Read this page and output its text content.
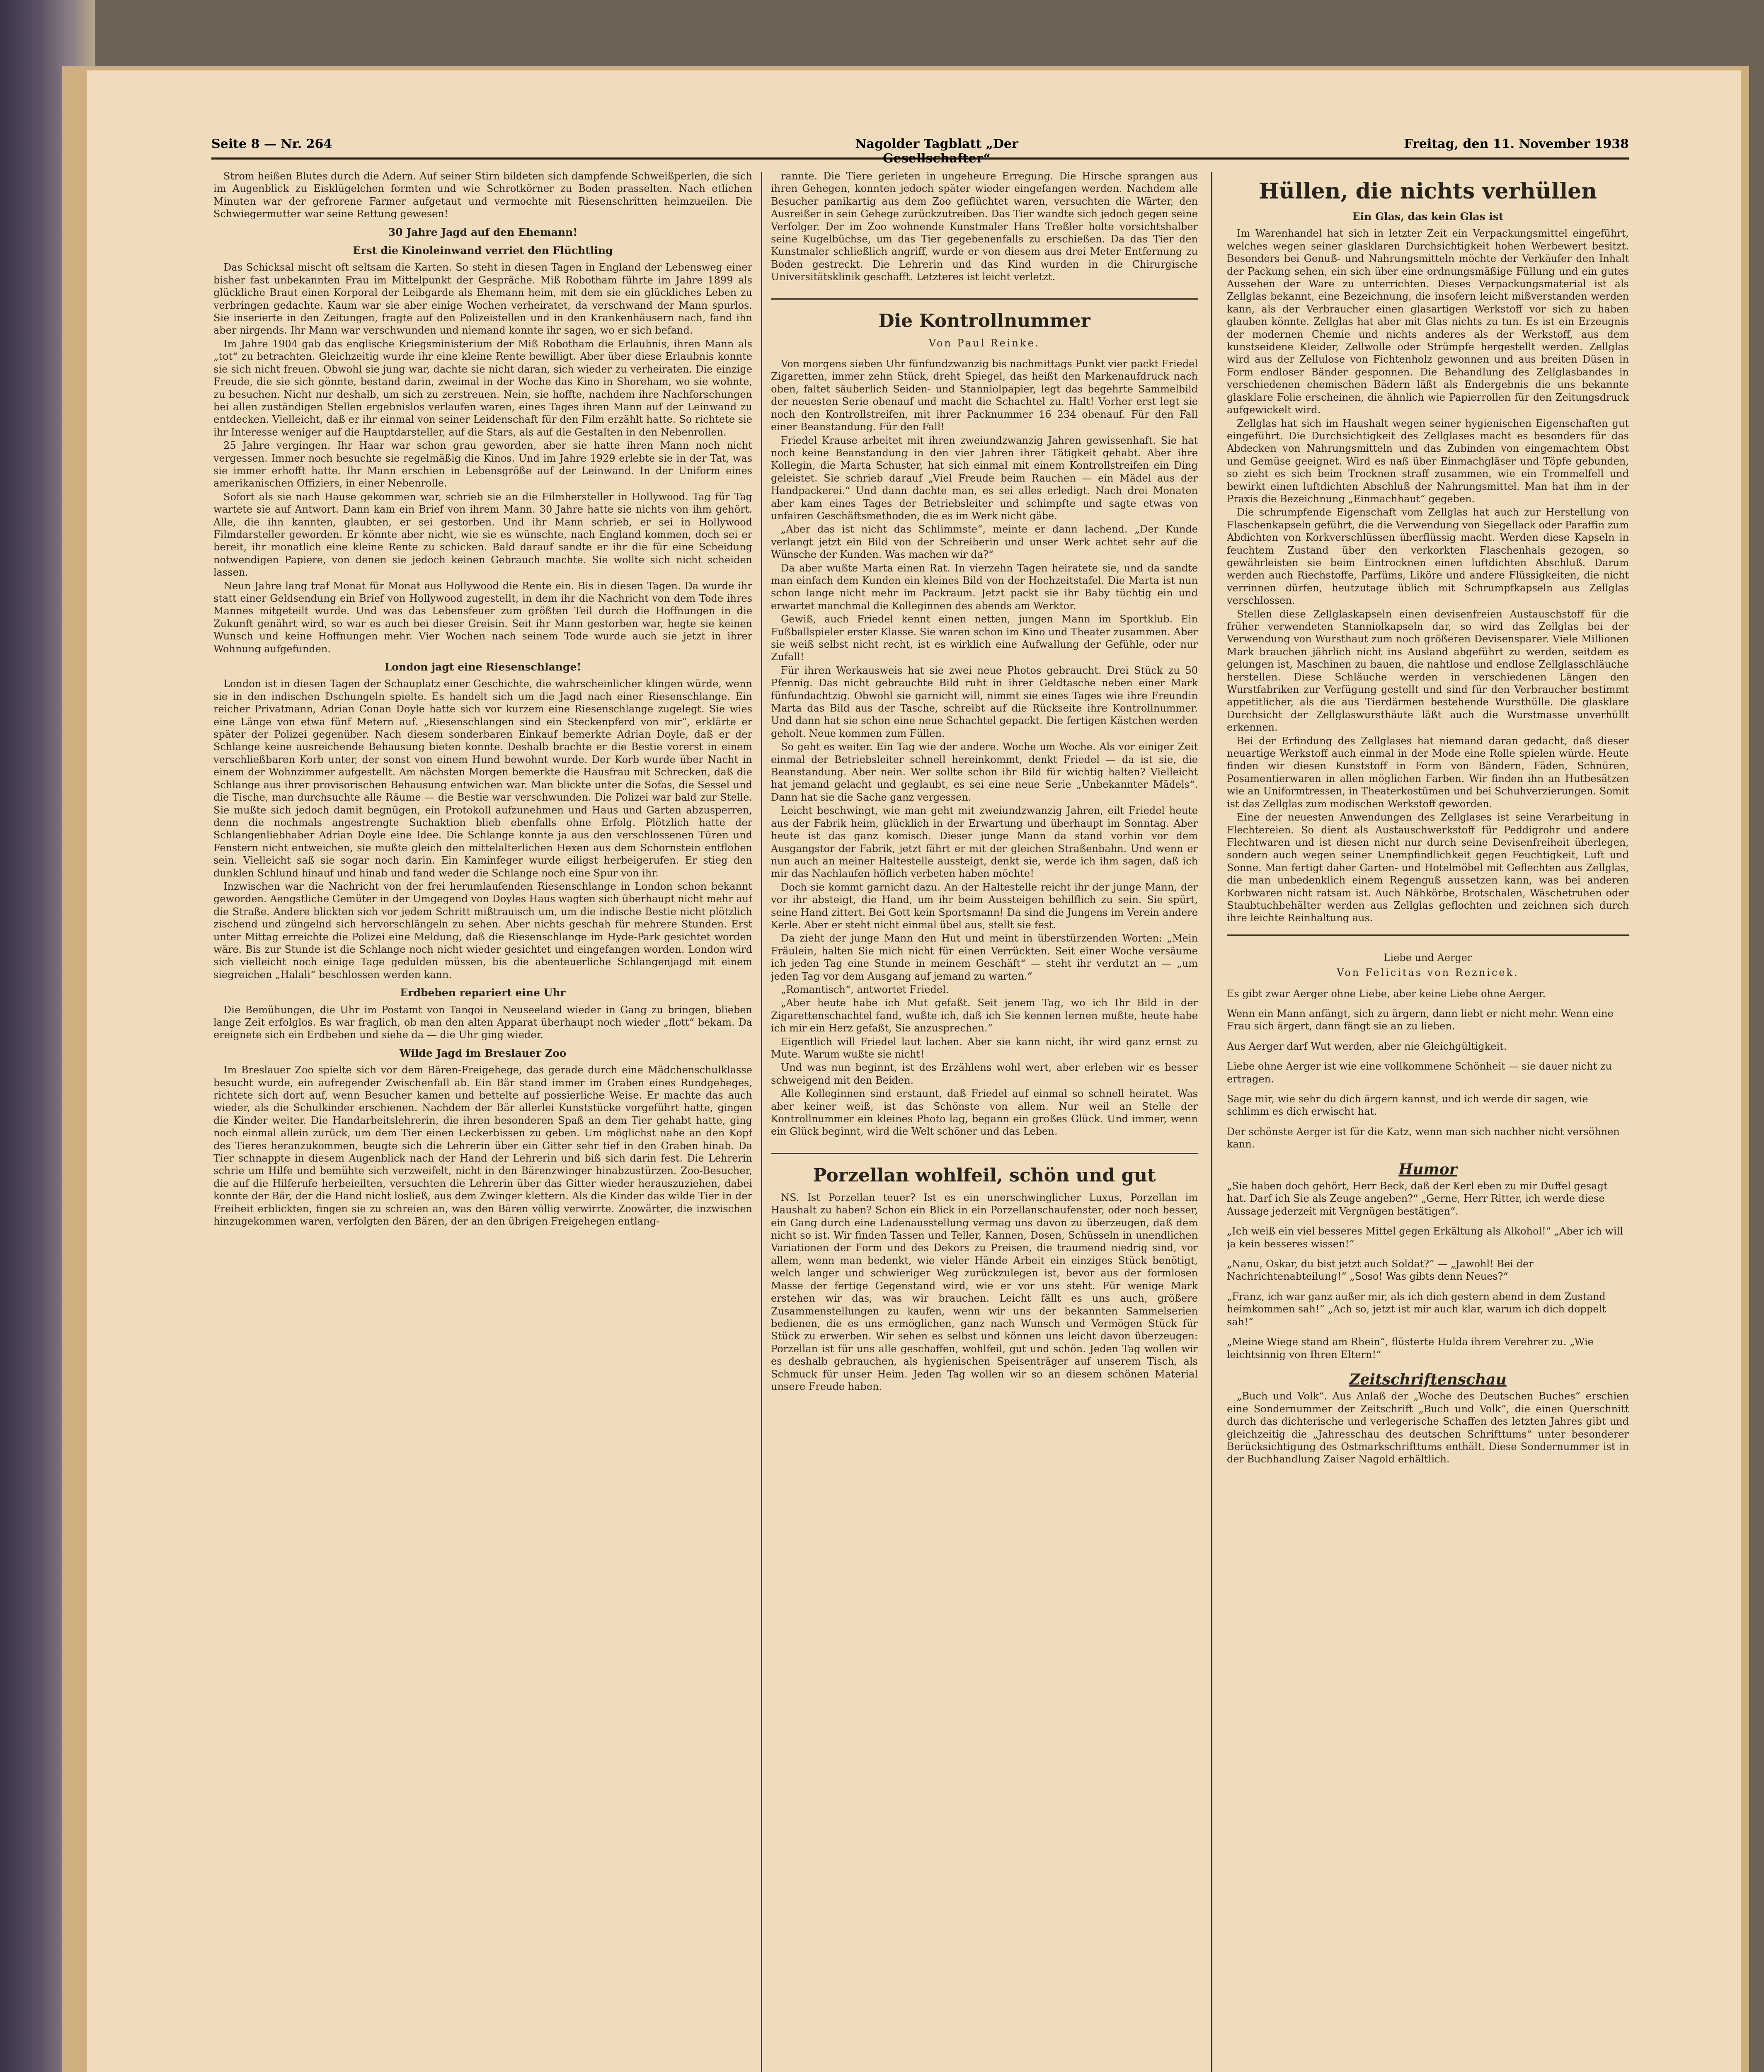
Seite 8 — Nr. 264	Nagolder Tagblatt „Der Gesellschafter“
Freitag, den 11. November 1938

Strom heißen Blutes durch die Adern. Auf seiner Stirn bildeten sich dampfende Schweißperlen, die sich im Augenblick zu Eisklügelchen formten und wie Schrotkörner zu Boden prasselten. Nach etlichen Minuten war der gefrorene Farmer aufgetaut und vermochte mit Riesenschritten heimzueilen. Die Schwiegermutter war seine Rettung gewesen!

30 Jahre Jagd auf den Ehemann!
Erst die Kinoleinwand verriet den Flüchtling

Das Schicksal mischt oft seltsam die Karten. So steht in diesen Tagen in England der Lebensweg einer bisher fast unbekannten Frau im Mittelpunkt der Gespräche. Miß Robotham führte im Jahre 1899 als glückliche Braut einen Korporal der Leibgarde als Ehemann heim, mit dem sie ein glückliches Leben zu verbringen gedachte. Kaum war sie aber einige Wochen verheiratet, da verschwand der Mann spurlos. Sie inserierte in den Zeitungen, fragte auf den Polizeistellen und in den Krankenhäusern nach, fand ihn aber nirgends. Ihr Mann war verschwunden und niemand konnte ihr sagen, wo er sich befand.

Im Jahre 1904 gab das englische Kriegsministerium der Miß Robotham die Erlaubnis, ihren Mann als „tot“ zu betrachten. Gleichzeitig wurde ihr eine kleine Rente bewilligt. Aber über diese Erlaubnis konnte sie sich nicht freuen. Obwohl sie jung war, dachte sie nicht daran, sich wieder zu verheiraten. Die einzige Freude, die sie sich gönnte, bestand darin, zweimal in der Woche das Kino in Shoreham, wo sie wohnte, zu besuchen. Nicht nur deshalb, um sich zu zerstreuen. Nein, sie hoffte, nachdem ihre Nachforschungen bei allen zuständigen Stellen ergebnislos verlaufen waren, eines Tages ihren Mann auf der Leinwand zu entdecken. Vielleicht, daß er ihr einmal von seiner Leidenschaft für den Film erzählt hatte. So richtete sie ihr Interesse weniger auf die Hauptdarsteller, auf die Stars, als auf die Gestalten in den Nebenrollen.

25 Jahre vergingen. Ihr Haar war schon grau geworden, aber sie hatte ihren Mann noch nicht vergessen. Immer noch besuchte sie regelmäßig die Kinos. Und im Jahre 1929 erlebte sie in der Tat, was sie immer erhofft hatte. Ihr Mann erschien in Lebensgröße auf der Leinwand. In der Uniform eines amerikanischen Offiziers, in einer Nebenrolle.

Sofort als sie nach Hause gekommen war, schrieb sie an die Filmhersteller in Hollywood. Tag für Tag wartete sie auf Antwort. Dann kam ein Brief von ihrem Mann. 30 Jahre hatte sie nichts von ihm gehört. Alle, die ihn kannten, glaubten, er sei gestorben. Und ihr Mann schrieb, er sei in Hollywood Filmdarsteller geworden. Er könnte aber nicht, wie sie es wünschte, nach England kommen, doch sei er bereit, ihr monatlich eine kleine Rente zu schicken. Bald darauf sandte er ihr die für eine Scheidung notwendigen Papiere, von denen sie jedoch keinen Gebrauch machte. Sie wollte sich nicht scheiden lassen.

Neun Jahre lang traf Monat für Monat aus Hollywood die Rente ein. Bis in diesen Tagen. Da wurde ihr statt einer Geldsendung ein Brief von Hollywood zugestellt, in dem ihr die Nachricht von dem Tode ihres Mannes mitgeteilt wurde. Und was das Lebensfeuer zum größten Teil durch die Hoffnungen in die Zukunft genährt wird, so war es auch bei dieser Greisin. Seit ihr Mann gestorben war, hegte sie keinen Wunsch und keine Hoffnungen mehr. Vier Wochen nach seinem Tode wurde auch sie jetzt in ihrer Wohnung aufgefunden.

London jagt eine Riesenschlange!

London ist in diesen Tagen der Schauplatz einer Geschichte, die wahrscheinlicher klingen würde, wenn sie in den indischen Dschungeln spielte. Es handelt sich um die Jagd nach einer Riesenschlange. Ein reicher Privatmann, Adrian Conan Doyle hatte sich vor kurzem eine Riesenschlange zugelegt. Sie wies eine Länge von etwa fünf Metern auf. „Riesenschlangen sind ein Steckenpferd von mir“, erklärte er später der Polizei gegenüber. Nach diesem sonderbaren Einkauf bemerkte Adrian Doyle, daß er der Schlange keine ausreichende Behausung bieten konnte. Deshalb brachte er die Bestie vorerst in einem verschließbaren Korb unter, der sonst von einem Hund bewohnt wurde. Der Korb wurde über Nacht in einem der Wohnzimmer aufgestellt. Am nächsten Morgen bemerkte die Hausfrau mit Schrecken, daß die Schlange aus ihrer provisorischen Behausung entwichen war. Man blickte unter die Sofas, die Sessel und die Tische, man durchsuchte alle Räume — die Bestie war verschwunden. Die Polizei war bald zur Stelle. Sie mußte sich jedoch damit begnügen, ein Protokoll aufzunehmen und Haus und Garten abzusperren, denn die nochmals angestrengte Suchaktion blieb ebenfalls ohne Erfolg. Plötzlich hatte der Schlangenliebhaber Adrian Doyle eine Idee. Die Schlange konnte ja aus den verschlossenen Türen und Fenstern nicht entweichen, sie mußte gleich den mittelalterlichen Hexen aus dem Schornstein entflohen sein. Vielleicht saß sie sogar noch darin. Ein Kaminfeger wurde eiligst herbeigerufen. Er stieg den dunklen Schlund hinauf und hinab und fand weder die Schlange noch eine Spur von ihr.

Inzwischen war die Nachricht von der frei herumlaufenden Riesenschlange in London schon bekannt geworden. Aengstliche Gemüter in der Umgegend von Doyles Haus wagten sich überhaupt nicht mehr auf die Straße. Andere blickten sich vor jedem Schritt mißtrauisch um, um die indische Bestie nicht plötzlich zischend und züngelnd sich hervorschlängeln zu sehen. Aber nichts geschah für mehrere Stunden. Erst unter Mittag erreichte die Polizei eine Meldung, daß die Riesenschlange im Hyde-Park gesichtet worden wäre. Bis zur Stunde ist die Schlange noch nicht wieder gesichtet und eingefangen worden. London wird sich vielleicht noch einige Tage gedulden müssen, bis die abenteuerliche Schlangenjagd mit einem siegreichen „Halali“ beschlossen werden kann.

Erdbeben repariert eine Uhr

Die Bemühungen, die Uhr im Postamt von Tangoi in Neuseeland wieder in Gang zu bringen, blieben lange Zeit erfolglos. Es war fraglich, ob man den alten Apparat überhaupt noch wieder „flott“ bekam. Da ereignete sich ein Erdbeben und siehe da — die Uhr ging wieder.

Wilde Jagd im Breslauer Zoo

Im Breslauer Zoo spielte sich vor dem Bären-Freigehege, das gerade durch eine Mädchenschulklasse besucht wurde, ein aufregender Zwischenfall ab. Ein Bär stand immer im Graben eines Rundgeheges, richtete sich dort auf, wenn Besucher kamen und bettelte auf possierliche Weise. Er machte das auch wieder, als die Schulkinder erschienen. Nachdem der Bär allerlei Kunststücke vorgeführt hatte, gingen die Kinder weiter. Die Handarbeitslehrerin, die ihren besonderen Spaß an dem Tier gehabt hatte, ging noch einmal allein zurück, um dem Tier einen Leckerbissen zu geben. Um möglichst nahe an den Kopf des Tieres heranzukommen, beugte sich die Lehrerin über ein Gitter sehr tief in den Graben hinab. Da Tier schnappte in diesem Augenblick nach der Hand der Lehrerin und biß sich darin fest. Die Lehrerin schrie um Hilfe und bemühte sich verzweifelt, nicht in den Bärenzwinger hinabzustürzen. Zoo-Besucher, die auf die Hilferufe herbeieilten, versuchten die Lehrerin über das Gitter wieder herauszuziehen, dabei konnte der Bär, der die Hand nicht losließ, aus dem Zwinger klettern. Als die Kinder das wilde Tier in der Freiheit erblickten, fingen sie zu schreien an, was den Bären völlig verwirrte. Zoowärter, die inzwischen hinzugekommen waren, verfolgten den Bären, der an den übrigen Freigehegen entlang-

rannte. Die Tiere gerieten in ungeheure Erregung. Die Hirsche sprangen aus ihren Gehegen, konnten jedoch später wieder eingefangen werden. Nachdem alle Besucher panikartig aus dem Zoo geflüchtet waren, versuchten die Wärter, den Ausreißer in sein Gehege zurückzutreiben. Das Tier wandte sich jedoch gegen seine Verfolger. Der im Zoo wohnende Kunstmaler Hans Treßler holte vorsichtshalber seine Kugelbüchse, um das Tier gegebenenfalls zu erschießen. Da das Tier den Kunstmaler schließlich angriff, wurde er von diesem aus drei Meter Entfernung zu Boden gestreckt. Die Lehrerin und das Kind wurden in die Chirurgische Universitätsklinik geschafft. Letzteres ist leicht verletzt.

Die Kontrollnummer
Von Paul Reinke.

Von morgens sieben Uhr fünfundzwanzig bis nachmittags Punkt vier packt Friedel Zigaretten, immer zehn Stück, dreht Spiegel, das heißt den Markenaufdruck nach oben, faltet säuberlich Seiden- und Stanniolpapier, legt das begehrte Sammelbild der neuesten Serie obenauf und macht die Schachtel zu. Halt! Vorher erst legt sie noch den Kontrollstreifen, mit ihrer Packnummer 16 234 obenauf. Für den Fall einer Beanstandung. Für den Fall!

Friedel Krause arbeitet mit ihren zweiundzwanzig Jahren gewissenhaft. Sie hat noch keine Beanstandung in den vier Jahren ihrer Tätigkeit gehabt. Aber ihre Kollegin, die Marta Schuster, hat sich einmal mit einem Kontrollstreifen ein Ding geleistet. Sie schrieb darauf „Viel Freude beim Rauchen — ein Mädel aus der Handpackerei.“ Und dann dachte man, es sei alles erledigt. Nach drei Monaten aber kam eines Tages der Betriebsleiter und schimpfte und sagte etwas von unfairen Geschäftsmethoden, die es im Werk nicht gäbe.

„Aber das ist nicht das Schlimmste“, meinte er dann lachend. „Der Kunde verlangt jetzt ein Bild von der Schreiberin und unser Werk achtet sehr auf die Wünsche der Kunden. Was machen wir da?“

Da aber wußte Marta einen Rat. In vierzehn Tagen heiratete sie, und da sandte man einfach dem Kunden ein kleines Bild von der Hochzeitstafel. Die Marta ist nun schon lange nicht mehr im Packraum. Jetzt packt sie ihr Baby tüchtig ein und erwartet manchmal die Kolleginnen des abends am Werktor.

Gewiß, auch Friedel kennt einen netten, jungen Mann im Sportklub. Ein Fußballspieler erster Klasse. Sie waren schon im Kino und Theater zusammen. Aber sie weiß selbst nicht recht, ist es wirklich eine Aufwallung der Gefühle, oder nur Zufall!

Für ihren Werkausweis hat sie zwei neue Photos gebraucht. Drei Stück zu 50 Pfennig. Das nicht gebrauchte Bild ruht in ihrer Geldtasche neben einer Mark fünfundachtzig. Obwohl sie garnicht will, nimmt sie eines Tages wie ihre Freundin Marta das Bild aus der Tasche, schreibt auf die Rückseite ihre Kontrollnummer. Und dann hat sie schon eine neue Schachtel gepackt. Die fertigen Kästchen werden geholt. Neue kommen zum Füllen.

So geht es weiter. Ein Tag wie der andere. Woche um Woche. Als vor einiger Zeit einmal der Betriebsleiter schnell hereinkommt, denkt Friedel — da ist sie, die Beanstandung. Aber nein. Wer sollte schon ihr Bild für wichtig halten? Vielleicht hat jemand gelacht und geglaubt, es sei eine neue Serie „Unbekannter Mädels“. Dann hat sie die Sache ganz vergessen.

Leicht beschwingt, wie man geht mit zweiundzwanzig Jahren, eilt Friedel heute aus der Fabrik heim, glücklich in der Erwartung und überhaupt im Sonntag. Aber heute ist das ganz komisch. Dieser junge Mann da stand vorhin vor dem Ausgangstor der Fabrik, jetzt fährt er mit der gleichen Straßenbahn. Und wenn er nun auch an meiner Haltestelle aussteigt, denkt sie, werde ich ihm sagen, daß ich mir das Nachlaufen höflich verbeten haben möchte!

Doch sie kommt garnicht dazu. An der Haltestelle reicht ihr der junge Mann, der vor ihr absteigt, die Hand, um ihr beim Aussteigen behilflich zu sein. Sie spürt, seine Hand zittert. Bei Gott kein Sportsmann! Da sind die Jungens im Verein andere Kerle. Aber er steht nicht einmal übel aus, stellt sie fest.

Da zieht der junge Mann den Hut und meint in überstürzenden Worten: „Mein Fräulein, halten Sie mich nicht für einen Verrückten. Seit einer Woche versäume ich jeden Tag eine Stunde in meinem Geschäft“ — steht ihr verdutzt an — „um jeden Tag vor dem Ausgang auf jemand zu warten.“

„Romantisch“, antwortet Friedel.

„Aber heute habe ich Mut gefaßt. Seit jenem Tag, wo ich Ihr Bild in der Zigarettenschachtel fand, wußte ich, daß ich Sie kennen lernen mußte, heute habe ich mir ein Herz gefaßt, Sie anzusprechen.“

Eigentlich will Friedel laut lachen. Aber sie kann nicht, ihr wird ganz ernst zu Mute. Warum wußte sie nicht!

Und was nun beginnt, ist des Erzählens wohl wert, aber erleben wir es besser schweigend mit den Beiden.

Alle Kolleginnen sind erstaunt, daß Friedel auf einmal so schnell heiratet. Was aber keiner weiß, ist das Schönste von allem. Nur weil an Stelle der Kontrollnummer ein kleines Photo lag, begann ein großes Glück. Und immer, wenn ein Glück beginnt, wird die Welt schöner und das Leben.

Porzellan wohlfeil, schön und gut

NS. Ist Porzellan teuer? Ist es ein unerschwinglicher Luxus, Porzellan im Haushalt zu haben? Schon ein Blick in ein Porzellanschaufenster, oder noch besser, ein Gang durch eine Ladenausstellung vermag uns davon zu überzeugen, daß dem nicht so ist. Wir finden Tassen und Teller, Kannen, Dosen, Schüsseln in unendlichen Variationen der Form und des Dekors zu Preisen, die traumend niedrig sind, vor allem, wenn man bedenkt, wie vieler Hände Arbeit ein einziges Stück benötigt, welch langer und schwieriger Weg zurückzulegen ist, bevor aus der formlosen Masse der fertige Gegenstand wird, wie er vor uns steht. Für wenige Mark erstehen wir das, was wir brauchen. Leicht fällt es uns auch, größere Zusammenstellungen zu kaufen, wenn wir uns der bekannten Sammelserien bedienen, die es uns ermöglichen, ganz nach Wunsch und Vermögen Stück für Stück zu erwerben. Wir sehen es selbst und können uns leicht davon überzeugen: Porzellan ist für uns alle geschaffen, wohlfeil, gut und schön. Jeden Tag wollen wir es deshalb gebrauchen, als hygienischen Speisenträger auf unserem Tisch, als Schmuck für unser Heim. Jeden Tag wollen wir so an diesem schönen Material unsere Freude haben.

Hüllen, die nichts verhüllen
Ein Glas, das kein Glas ist

Im Warenhandel hat sich in letzter Zeit ein Verpackungsmittel eingeführt, welches wegen seiner glasklaren Durchsichtigkeit hohen Werbewert besitzt. Besonders bei Genuß- und Nahrungsmitteln möchte der Verkäufer den Inhalt der Packung sehen, ein sich über eine ordnungsmäßige Füllung und ein gutes Aussehen der Ware zu unterrichten. Dieses Verpackungsmaterial ist als Zellglas bekannt, eine Bezeichnung, die insofern leicht mißverstanden werden kann, als der Verbraucher einen glasartigen Werkstoff vor sich zu haben glauben könnte. Zellglas hat aber mit Glas nichts zu tun. Es ist ein Erzeugnis der modernen Chemie und nichts anderes als der Werkstoff, aus dem kunstseidene Kleider, Zellwolle oder Strümpfe hergestellt werden. Zellglas wird aus der Zellulose von Fichtenholz gewonnen und aus breiten Düsen in Form endloser Bänder gesponnen. Die Behandlung des Zellglasbandes in verschiedenen chemischen Bädern läßt als Endergebnis die uns bekannte glasklare Folie erscheinen, die ähnlich wie Papierrollen für den Zeitungsdruck aufgewickelt wird.

Zellglas hat sich im Haushalt wegen seiner hygienischen Eigenschaften gut eingeführt. Die Durchsichtigkeit des Zellglases macht es besonders für das Abdecken von Nahrungsmitteln und das Zubinden von eingemachtem Obst und Gemüse geeignet. Wird es naß über Einmachgläser und Töpfe gebunden, so zieht es sich beim Trocknen straff zusammen, wie ein Trommelfell und bewirkt einen luftdichten Abschluß der Nahrungsmittel. Man hat ihm in der Praxis die Bezeichnung „Einmachhaut“ gegeben.

Die schrumpfende Eigenschaft vom Zellglas hat auch zur Herstellung von Flaschenkapseln geführt, die die Verwendung von Siegellack oder Paraffin zum Abdichten von Korkverschlüssen überflüssig macht. Werden diese Kapseln in feuchtem Zustand über den verkorkten Flaschenhals gezogen, so gewährleisten sie beim Eintrocknen einen luftdichten Abschluß. Darum werden auch Riechstoffe, Parfüms, Liköre und andere Flüssigkeiten, die nicht verrinnen dürfen, heutzutage üblich mit Schrumpfkapseln aus Zellglas verschlossen.

Stellen diese Zellglaskapseln einen devisenfreien Austauschstoff für die früher verwendeten Stanniolkapseln dar, so wird das Zellglas bei der Verwendung von Wursthaut zum noch größeren Devisensparer. Viele Millionen Mark brauchen jährlich nicht ins Ausland abgeführt zu werden, seitdem es gelungen ist, Maschinen zu bauen, die nahtlose und endlose Zellglasschläuche herstellen. Diese Schläuche werden in verschiedenen Längen den Wurstfabriken zur Verfügung gestellt und sind für den Verbraucher bestimmt appetitlicher, als die aus Tierdärmen bestehende Wursthülle. Die glasklare Durchsicht der Zellglaswursthäute läßt auch die Wurstmasse unverhüllt erkennen.

Bei der Erfindung des Zellglases hat niemand daran gedacht, daß dieser neuartige Werkstoff auch einmal in der Mode eine Rolle spielen würde. Heute finden wir diesen Kunststoff in Form von Bändern, Fäden, Schnüren, Posamentierwaren in allen möglichen Farben. Wir finden ihn an Hutbesätzen wie an Uniformtressen, in Theaterkostümen und bei Schuhverzierungen. Somit ist das Zellglas zum modischen Werkstoff geworden.

Eine der neuesten Anwendungen des Zellglases ist seine Verarbeitung in Flechtereien. So dient als Austauschwerkstoff für Peddigrohr und andere Flechtwaren und ist diesen nicht nur durch seine Devisenfreiheit überlegen, sondern auch wegen seiner Unempfindlichkeit gegen Feuchtigkeit, Luft und Sonne. Man fertigt daher Garten- und Hotelmöbel mit Geflechten aus Zellglas, die man unbedenklich einem Regenguß aussetzen kann, was bei anderen Korbwaren nicht ratsam ist. Auch Nähkörbe, Brotschalen, Wäschetruhen oder Staubtuchbehälter werden aus Zellglas geflochten und zeichnen sich durch ihre leichte Reinhaltung aus.

Liebe und Aerger
Von Felicitas von Reznicek.

Es gibt zwar Aerger ohne Liebe, aber keine Liebe ohne Aerger.

Wenn ein Mann anfängt, sich zu ärgern, dann liebt er nicht mehr. Wenn eine Frau sich ärgert, dann fängt sie an zu lieben.

Aus Aerger darf Wut werden, aber nie Gleichgültigkeit.

Liebe ohne Aerger ist wie eine vollkommene Schönheit — sie dauer nicht zu ertragen.

Sage mir, wie sehr du dich ärgern kannst, und ich werde dir sagen, wie schlimm es dich erwischt hat.

Der schönste Aerger ist für die Katz, wenn man sich nachher nicht versöhnen kann.

Humor

„Sie haben doch gehört, Herr Beck, daß der Kerl eben zu mir Duffel gesagt hat. Darf ich Sie als Zeuge angeben?“ „Gerne, Herr Ritter, ich werde diese Aussage jederzeit mit Vergnügen bestätigen“.

„Ich weiß ein viel besseres Mittel gegen Erkältung als Alkohol!“ „Aber ich will ja kein besseres wissen!“

„Nanu, Oskar, du bist jetzt auch Soldat?“ — „Jawohl! Bei der Nachrichtenabteilung!“ „Soso! Was gibts denn Neues?“

„Franz, ich war ganz außer mir, als ich dich gestern abend in dem Zustand heimkommen sah!“ „Ach so, jetzt ist mir auch klar, warum ich dich doppelt sah!“

„Meine Wiege stand am Rhein“, flüsterte Hulda ihrem Verehrer zu. „Wie leichtsinnig von Ihren Eltern!“

Zeitschriftenschau

„Buch und Volk“. Aus Anlaß der „Woche des Deutschen Buches“ erschien eine Sondernummer der Zeitschrift „Buch und Volk“, die einen Querschnitt durch das dichterische und verlegerische Schaffen des letzten Jahres gibt und gleichzeitig die „Jahresschau des deutschen Schrifttums“ unter besonderer Berücksichtigung des Ostmarkschrifttums enthält. Diese Sondernummer ist in der Buchhandlung Zaiser Nagold erhältlich.
